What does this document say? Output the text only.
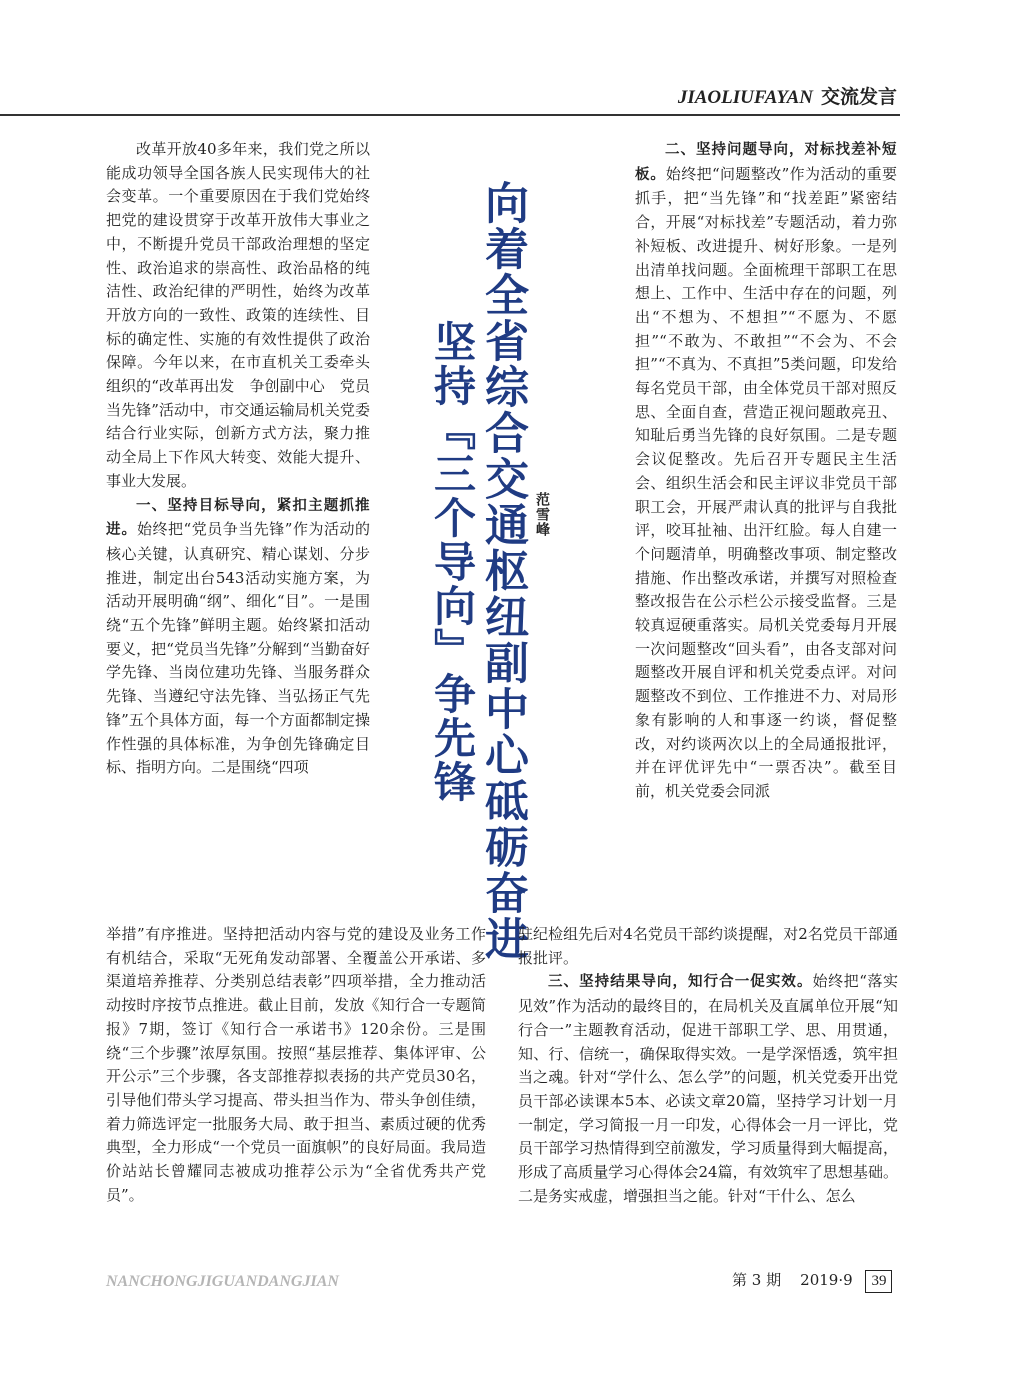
JIAOLIUFAYAN 交流发言

改革开放40多年来，我们党之所以能成功领导全国各族人民实现伟大的社会变革。一个重要原因在于我们党始终把党的建设贯穿于改革开放伟大事业之中，不断提升党员干部政治理想的坚定性、政治追求的崇高性、政治品格的纯洁性、政治纪律的严明性，始终为改革开放方向的一致性、政策的连续性、目标的确定性、实施的有效性提供了政治保障。今年以来，在市直机关工委牵头组织的“改革再出发　争创副中心　党员当先锋”活动中，市交通运输局机关党委结合行业实际，创新方式方法，聚力推动全局上下作风大转变、效能大提升、事业大发展。

一、坚持目标导向，紧扣主题抓推进。始终把“党员争当先锋”作为活动的核心关键，认真研究、精心谋划、分步推进，制定出台543活动实施方案，为活动开展明确“纲”、细化“目”。一是围绕“五个先锋”鲜明主题。始终紧扣活动要义，把“党员当先锋”分解到“当勤奋好学先锋、当岗位建功先锋、当服务群众先锋、当遵纪守法先锋、当弘扬正气先锋”五个具体方面，每一个方面都制定操作性强的具体标准，为争创先锋确定目标、指明方向。二是围绕“四项	向着全省综合交通枢纽副中心砥砺奋进
坚持『三个导向』争先锋	范雪峰

二、坚持问题导向，对标找差补短板。始终把“问题整改”作为活动的重要抓手，把“当先锋”和“找差距”紧密结合，开展“对标找差”专题活动，着力弥补短板、改进提升、树好形象。一是列出清单找问题。全面梳理干部职工在思想上、工作中、生活中存在的问题，列出“不想为、不想担”“不愿为、不愿担”“不敢为、不敢担”“不会为、不会担”“不真为、不真担”5类问题，印发给每名党员干部，由全体党员干部对照反思、全面自查，营造正视问题敢亮丑、知耻后勇当先锋的良好氛围。二是专题会议促整改。先后召开专题民主生活会、组织生活会和民主评议非党员干部职工会，开展严肃认真的批评与自我批评，咬耳扯袖、出汗红脸。每人自建一个问题清单，明确整改事项、制定整改措施、作出整改承诺，并撰写对照检查整改报告在公示栏公示接受监督。三是较真逗硬重落实。局机关党委每月开展一次问题整改“回头看”，由各支部对问题整改开展自评和机关党委点评。对问题整改不到位、工作推进不力、对局形象有影响的人和事逐一约谈，督促整改，对约谈两次以上的全局通报批评，并在评优评先中“一票否决”。截至目前，机关党委会同派

举措”有序推进。坚持把活动内容与党的建设及业务工作有机结合，采取“无死角发动部署、全覆盖公开承诺、多渠道培养推荐、分类别总结表彰”四项举措，全力推动活动按时序按节点推进。截止目前，发放《知行合一专题简报》7期，签订《知行合一承诺书》120余份。三是围绕“三个步骤”浓厚氛围。按照“基层推荐、集体评审、公开公示”三个步骤，各支部推荐拟表扬的共产党员30名，引导他们带头学习提高、带头担当作为、带头争创佳绩，着力筛选评定一批服务大局、敢于担当、素质过硬的优秀典型，全力形成“一个党员一面旗帜”的良好局面。我局造价站站长曾耀同志被成功推荐公示为“全省优秀共产党员”。

驻纪检组先后对4名党员干部约谈提醒，对2名党员干部通报批评。

三、坚持结果导向，知行合一促实效。始终把“落实见效”作为活动的最终目的，在局机关及直属单位开展“知行合一”主题教育活动，促进干部职工学、思、用贯通，知、行、信统一，确保取得实效。一是学深悟透，筑牢担当之魂。针对“学什么、怎么学”的问题，机关党委开出党员干部必读课本5本、必读文章20篇，坚持学习计划一月一制定，学习简报一月一印发，心得体会一月一评比，党员干部学习热情得到空前激发，学习质量得到大幅提高，形成了高质量学习心得体会24篇，有效筑牢了思想基础。二是务实戒虚，增强担当之能。针对“干什么、怎么

NANCHONGJIGUANDANGJIAN	第 3 期 2019·9 39
